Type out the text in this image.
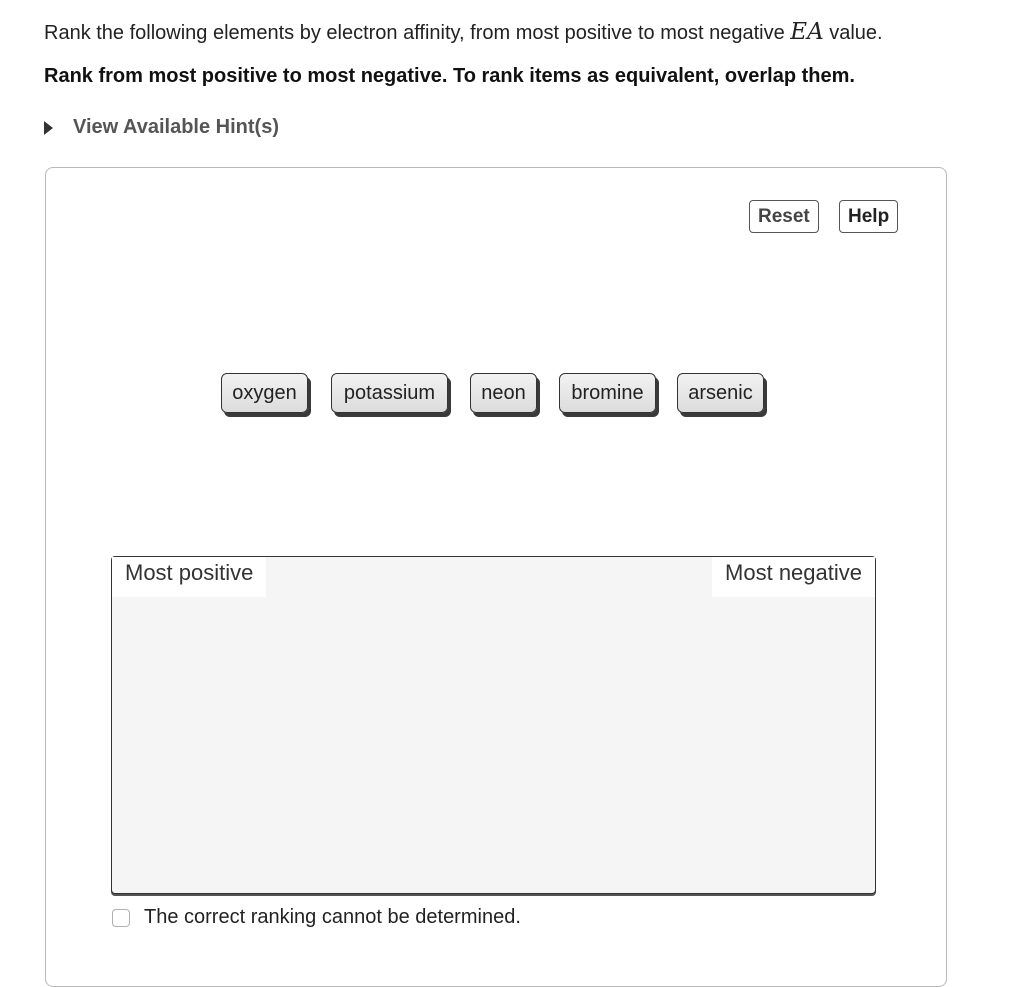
Rank the following elements by electron affinity, from most positive to most negative EA value.
Rank from most positive to most negative. To rank items as equivalent, overlap them.
View Available Hint(s)
Reset	Help
oxygen	potassium	neon	bromine	arsenic
Most positive	Most negative
The correct ranking cannot be determined.
